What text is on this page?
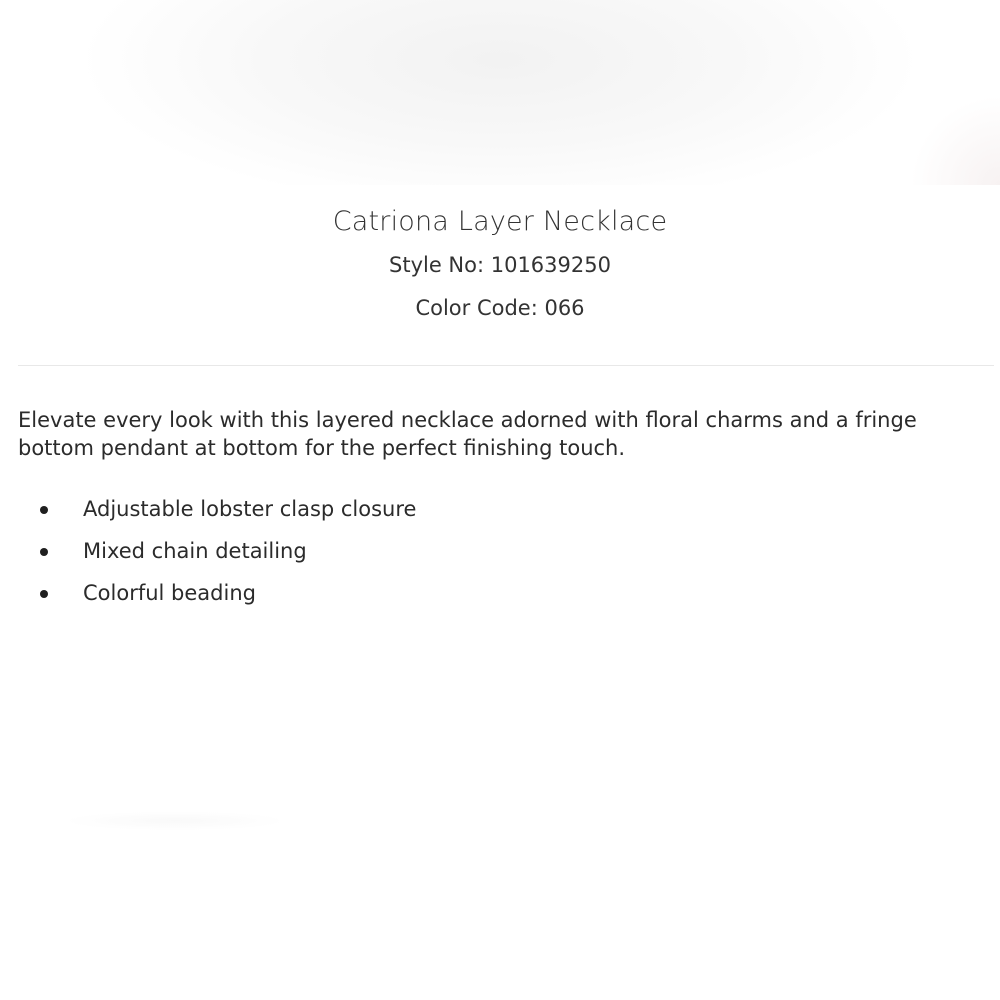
Catriona Layer Necklace
Style No: 101639250
Color Code: 066

Elevate every look with this layered necklace adorned with floral charms and a fringe bottom pendant at bottom for the perfect finishing touch.

Adjustable lobster clasp closure
Mixed chain detailing
Colorful beading
